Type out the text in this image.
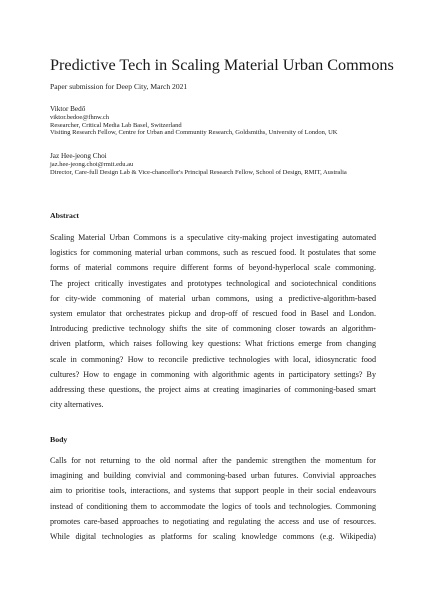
Predictive Tech in Scaling Material Urban Commons
Paper submission for Deep City, March 2021
Viktor Bedő
viktor.bedoe@fhnw.ch
Researcher, Critical Media Lab Basel, Switzerland
Visiting Research Fellow, Centre for Urban and Community Research, Goldsmiths, University of London, UK
Jaz Hee-jeong Choi
jaz.hee-jeong.choi@rmit.edu.au
Director, Care-full Design Lab & Vice-chancellor's Principal Research Fellow, School of Design, RMIT, Australia
Abstract
Scaling Material Urban Commons is a speculative city-making project investigating automated
logistics for commoning material urban commons, such as rescued food. It postulates that some
forms of material commons require different forms of beyond-hyperlocal scale commoning.
The project critically investigates and prototypes technological and sociotechnical conditions
for city-wide commoning of material urban commons, using a predictive-algorithm-based
system emulator that orchestrates pickup and drop-off of rescued food in Basel and London.
Introducing predictive technology shifts the site of commoning closer towards an algorithm-
driven platform, which raises following key questions: What frictions emerge from changing
scale in commoning? How to reconcile predictive technologies with local, idiosyncratic food
cultures? How to engage in commoning with algorithmic agents in participatory settings? By
addressing these questions, the project aims at creating imaginaries of commoning-based smart
city alternatives.
Body
Calls for not returning to the old normal after the pandemic strengthen the momentum for
imagining and building convivial and commoning-based urban futures. Convivial approaches
aim to prioritise tools, interactions, and systems that support people in their social endeavours
instead of conditioning them to accommodate the logics of tools and technologies. Commoning
promotes care-based approaches to negotiating and regulating the access and use of resources.
While digital technologies as platforms for scaling knowledge commons (e.g. Wikipedia)
